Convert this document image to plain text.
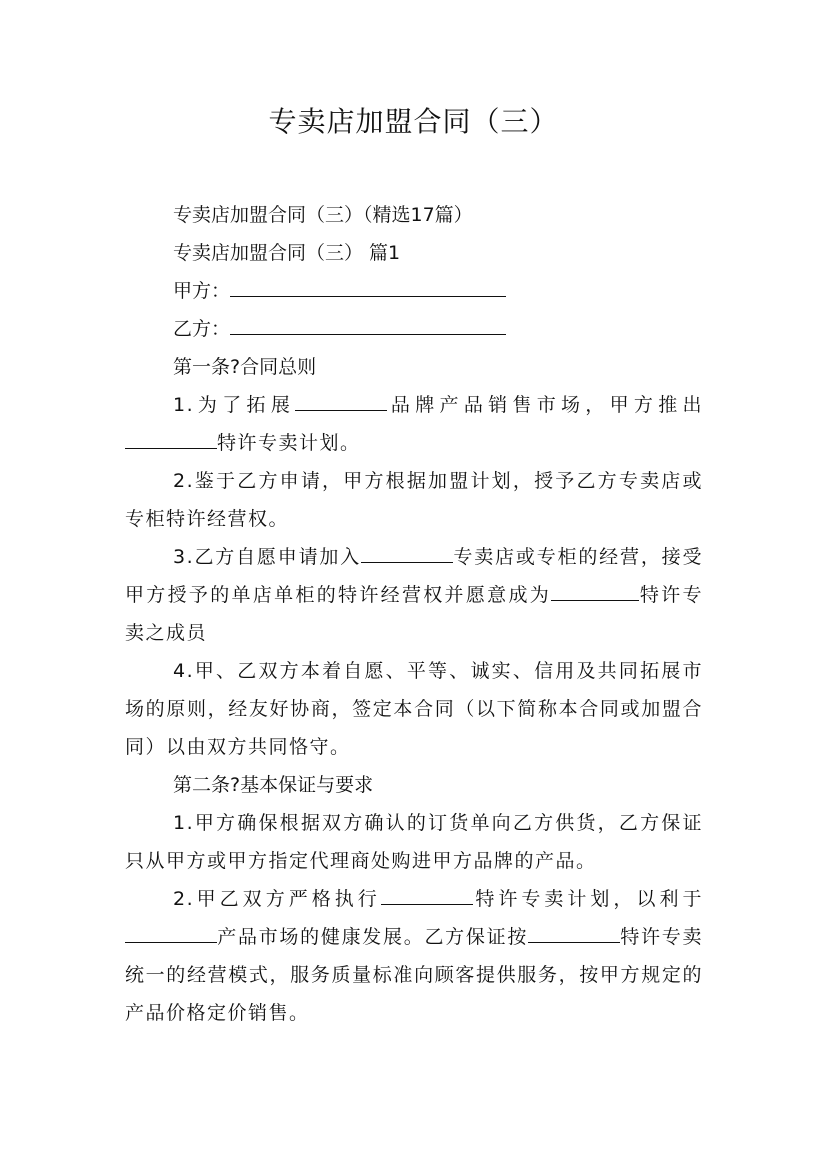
专卖店加盟合同（三）
专卖店加盟合同（三）（精选17篇）
专卖店加盟合同（三） 篇1
甲方：
乙方：
第一条?合同总则
1.为了拓展	品牌产品销售市场，甲方推出特许专卖计划。
2.鉴于乙方申请，甲方根据加盟计划，授予乙方专卖店或专柜特许经营权。
3.乙方自愿申请加入	专卖店或专柜的经营，接受甲方授予的单店单柜的特许经营权并愿意成为	特许专卖之成员
4.甲、乙双方本着自愿、平等、诚实、信用及共同拓展市场的原则，经友好协商，签定本合同（以下简称本合同或加盟合同）以由双方共同恪守。
第二条?基本保证与要求
1.甲方确保根据双方确认的订货单向乙方供货，乙方保证只从甲方或甲方指定代理商处购进甲方品牌的产品。
2.甲乙双方严格执行	特许专卖计划，以利于产品市场的健康发展。乙方保证按	特许专卖统一的经营模式，服务质量标准向顾客提供服务，按甲方规定的产品价格定价销售。
